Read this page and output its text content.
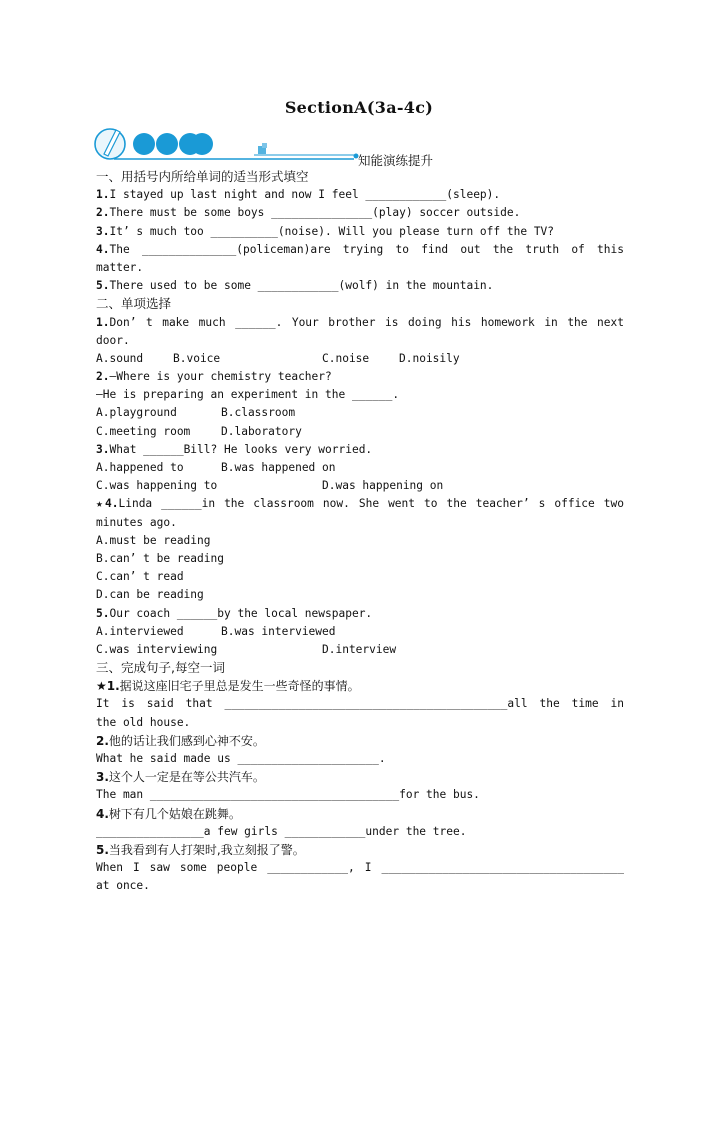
SectionA(3a-4c)
知能演练提升
一、用括号内所给单词的适当形式填空
1.I stayed up last night and now I feel ____________(sleep).
2.There must be some boys _______________(play) soccer outside.
3.It’ s much too __________(noise). Will you please turn off the TV?
4.The ______________(policeman)are trying to find out the truth of this
matter.
5.There used to be some ____________(wolf) in the mountain.
二、单项选择
1.Don’ t make much ______. Your brother is doing his homework in the next
door.
A.sound	B.voice	C.noise	D.noisily
2.—Where is your chemistry teacher?
—He is preparing an experiment in the ______.
A.playground	B.classroom
C.meeting room	D.laboratory
3.What ______Bill? He looks very worried.
A.happened to	B.was happened on
C.was happening to	D.was happening on
★4.Linda ______in the classroom now. She went to the teacher’ s office two
minutes ago.
A.must be reading
B.can’ t be reading
C.can’ t read
D.can be reading
5.Our coach ______by the local newspaper.
A.interviewed	B.was interviewed
C.was interviewing	D.interview
三、完成句子,每空一词
★1.据说这座旧宅子里总是发生一些奇怪的事情。
It is said that __________________________________________all the time in
the old house.
2.他的话让我们感到心神不安。
What he said made us _____________________.
3.这个人一定是在等公共汽车。
The man _____________________________________for the bus.
4.树下有几个姑娘在跳舞。
________________a few girls ____________under the tree.
5.当我看到有人打架时,我立刻报了警。
When I saw some people ____________, I ____________________________________
at once.
